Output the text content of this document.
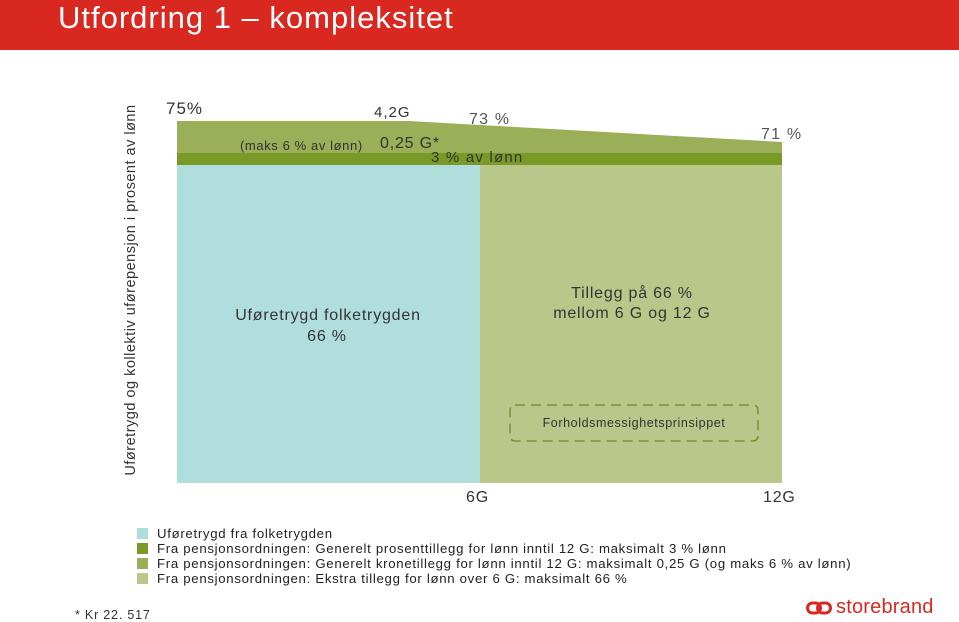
Utfordring 1 – kompleksitet
Uføretrygd og kollektiv uførepensjon i prosent av lønn 75%	4,2G	73 %
71 %
(maks 6 % av lønn) 0,25 G*
3 % av lønn
Uføretrygd folketrygden
66 %
Tillegg på 66 %
mellom 6 G og 12 G
Forholdsmessighetsprinsippet
6G	12G
Uføretrygd fra folketrygden
Fra pensjonsordningen: Generelt prosenttillegg for lønn inntil 12 G: maksimalt 3 % lønn
Fra pensjonsordningen: Generelt kronetillegg for lønn inntil 12 G: maksimalt 0,25 G (og maks 6 % av lønn)
Fra pensjonsordningen: Ekstra tillegg for lønn over 6 G: maksimalt 66 %
* Kr 22. 517	storebrand
